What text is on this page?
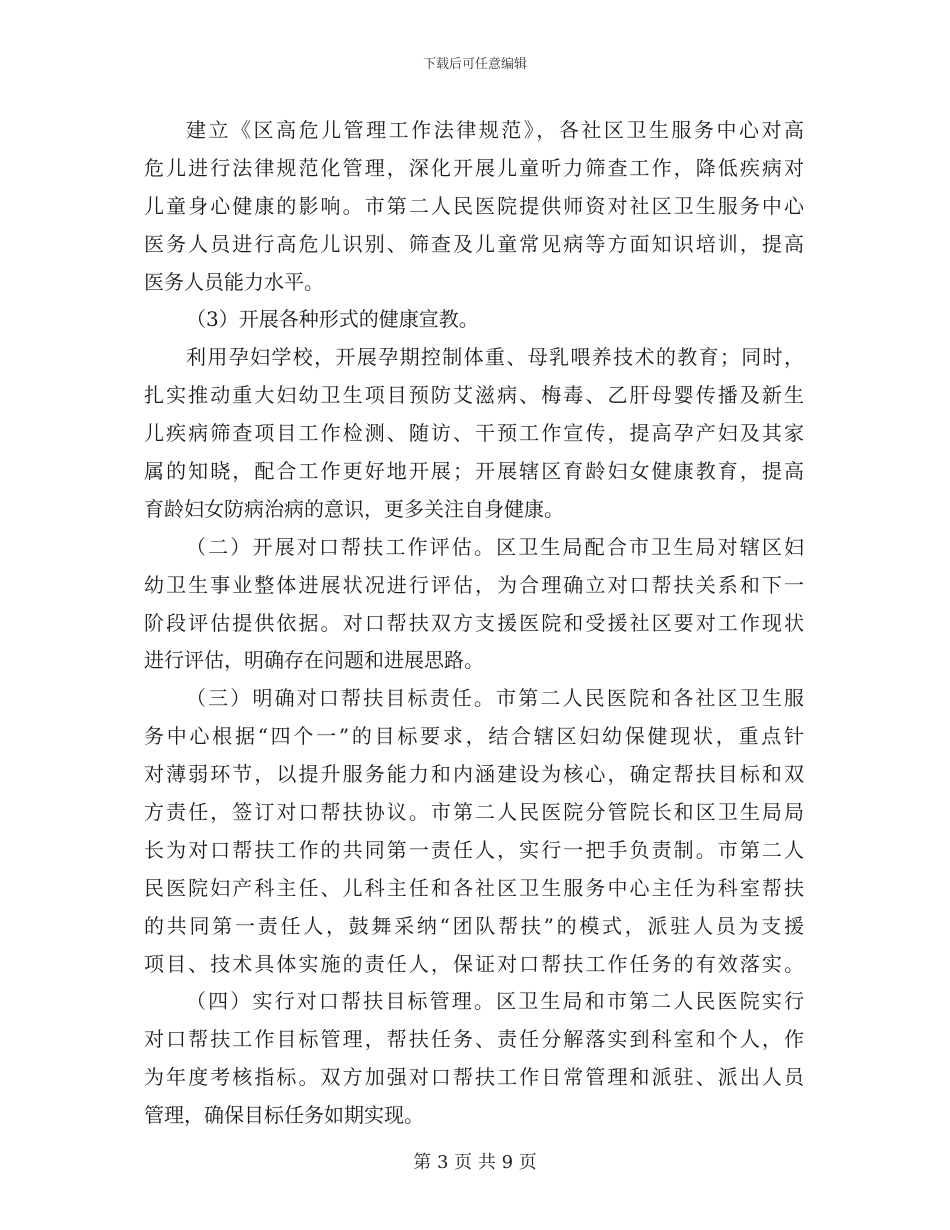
下载后可任意编辑
建立《区高危儿管理工作法律规范》，各社区卫生服务中心对高
危儿进行法律规范化管理，深化开展儿童听力筛查工作，降低疾病对
儿童身心健康的影响。市第二人民医院提供师资对社区卫生服务中心
医务人员进行高危儿识别、筛查及儿童常见病等方面知识培训，提高
医务人员能力水平。
（3）开展各种形式的健康宣教。
利用孕妇学校，开展孕期控制体重、母乳喂养技术的教育；同时，
扎实推动重大妇幼卫生项目预防艾滋病、梅毒、乙肝母婴传播及新生
儿疾病筛查项目工作检测、随访、干预工作宣传，提高孕产妇及其家
属的知晓，配合工作更好地开展；开展辖区育龄妇女健康教育，提高
育龄妇女防病治病的意识，更多关注自身健康。
（二）开展对口帮扶工作评估。区卫生局配合市卫生局对辖区妇
幼卫生事业整体进展状况进行评估，为合理确立对口帮扶关系和下一
阶段评估提供依据。对口帮扶双方支援医院和受援社区要对工作现状
进行评估，明确存在问题和进展思路。
（三）明确对口帮扶目标责任。市第二人民医院和各社区卫生服
务中心根据“四个一”的目标要求，结合辖区妇幼保健现状，重点针
对薄弱环节，以提升服务能力和内涵建设为核心，确定帮扶目标和双
方责任，签订对口帮扶协议。市第二人民医院分管院长和区卫生局局
长为对口帮扶工作的共同第一责任人，实行一把手负责制。市第二人
民医院妇产科主任、儿科主任和各社区卫生服务中心主任为科室帮扶
的共同第一责任人，鼓舞采纳“团队帮扶”的模式，派驻人员为支援
项目、技术具体实施的责任人，保证对口帮扶工作任务的有效落实。
（四）实行对口帮扶目标管理。区卫生局和市第二人民医院实行
对口帮扶工作目标管理，帮扶任务、责任分解落实到科室和个人，作
为年度考核指标。双方加强对口帮扶工作日常管理和派驻、派出人员
管理，确保目标任务如期实现。
第 3 页 共 9 页
